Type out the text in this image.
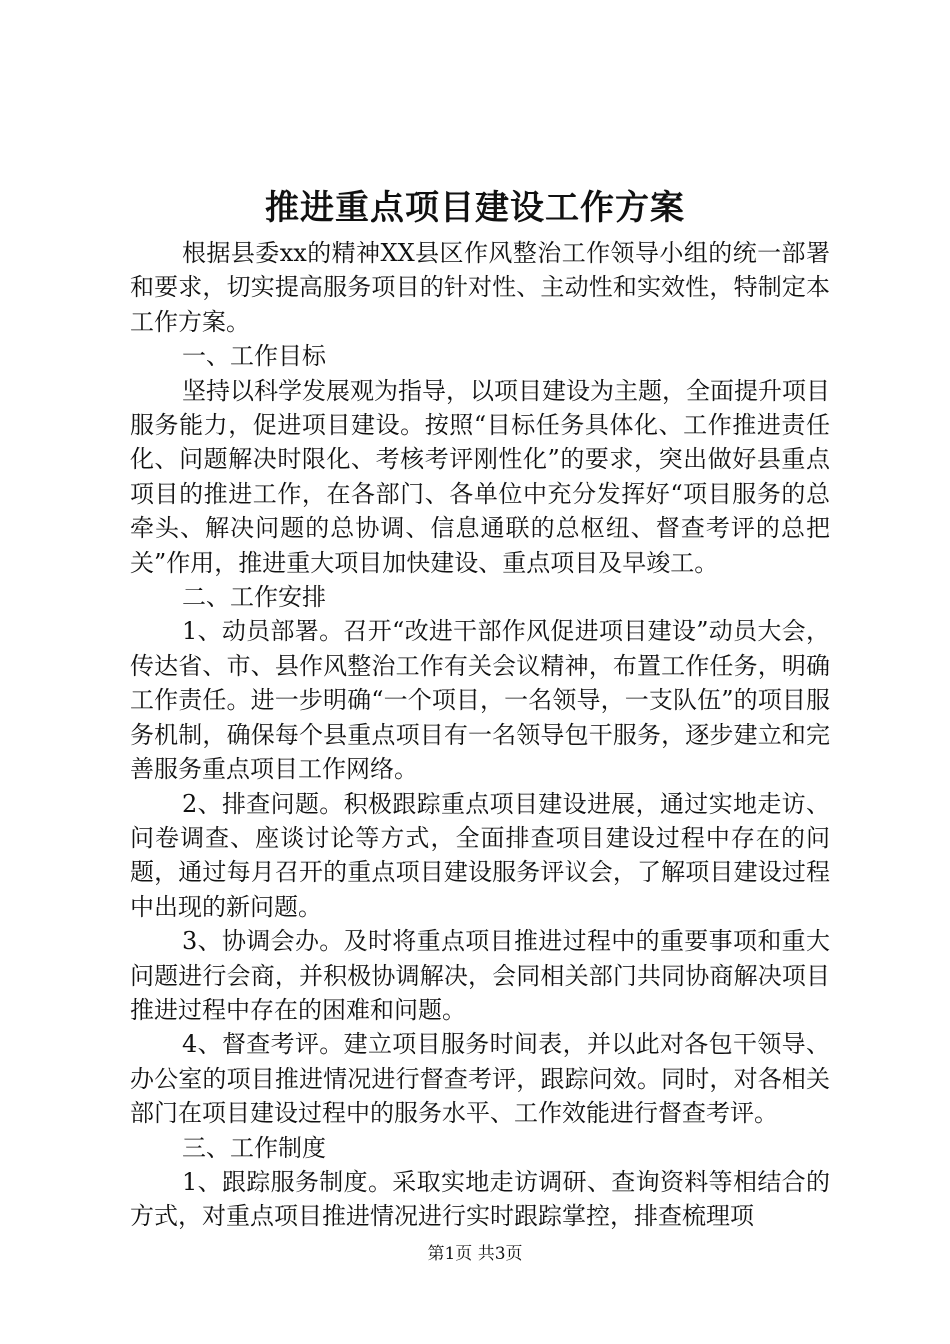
推进重点项目建设工作方案

根据县委xx的精神XX县区作风整治工作领导小组的统一部署和要求，切实提高服务项目的针对性、主动性和实效性，特制定本工作方案。

一、工作目标

坚持以科学发展观为指导，以项目建设为主题，全面提升项目服务能力，促进项目建设。按照“目标任务具体化、工作推进责任化、问题解决时限化、考核考评刚性化”的要求，突出做好县重点项目的推进工作，在各部门、各单位中充分发挥好“项目服务的总牵头、解决问题的总协调、信息通联的总枢纽、督查考评的总把关”作用，推进重大项目加快建设、重点项目及早竣工。

二、工作安排

1、动员部署。召开“改进干部作风促进项目建设”动员大会，传达省、市、县作风整治工作有关会议精神，布置工作任务，明确工作责任。进一步明确“一个项目，一名领导，一支队伍”的项目服务机制，确保每个县重点项目有一名领导包干服务，逐步建立和完善服务重点项目工作网络。

2、排查问题。积极跟踪重点项目建设进展，通过实地走访、问卷调查、座谈讨论等方式，全面排查项目建设过程中存在的问题，通过每月召开的重点项目建设服务评议会，了解项目建设过程中出现的新问题。

3、协调会办。及时将重点项目推进过程中的重要事项和重大问题进行会商，并积极协调解决，会同相关部门共同协商解决项目推进过程中存在的困难和问题。

4、督查考评。建立项目服务时间表，并以此对各包干领导、办公室的项目推进情况进行督查考评，跟踪问效。同时，对各相关部门在项目建设过程中的服务水平、工作效能进行督查考评。

三、工作制度

1、跟踪服务制度。采取实地走访调研、查询资料等相结合的方式，对重点项目推进情况进行实时跟踪掌控，排查梳理项

第1页 共3页
